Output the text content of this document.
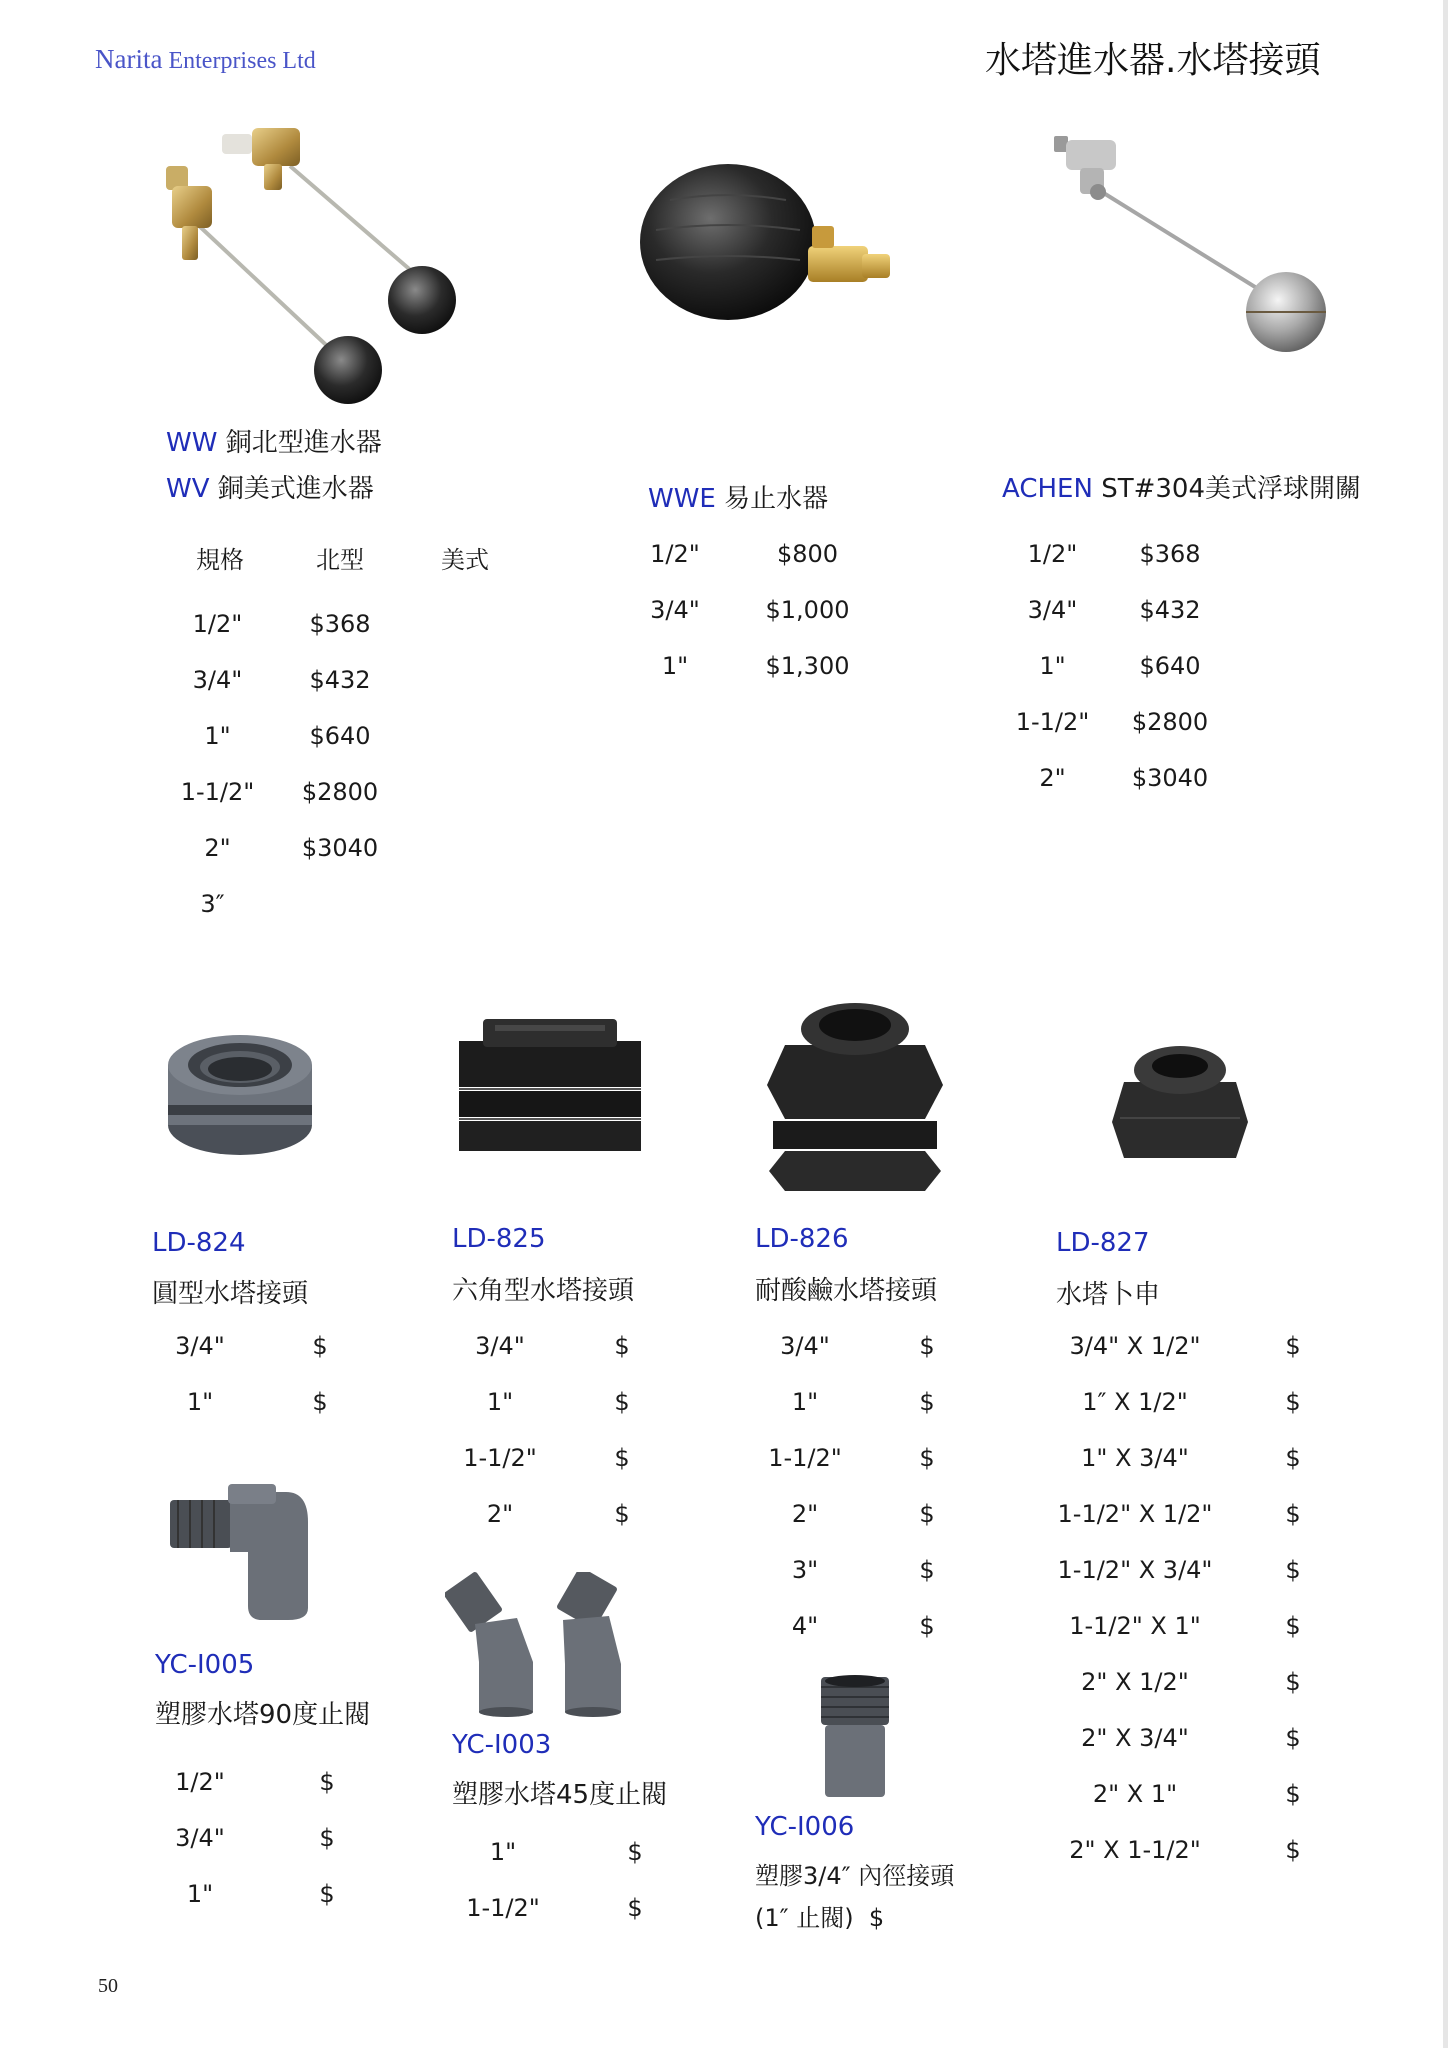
Narita Enterprises Ltd	水塔進水器.水塔接頭
WW 銅北型進水器
WV 銅美式進水器
規格	北型	美式
1/2"	$368
3/4"	$432
1"	$640
1-1/2"	$2800
2"	$3040
3″
WWE 易止水器
1/2"	$800
3/4"	$1,000
1"	$1,300
ACHEN ST#304美式浮球開關
1/2"	$368
3/4"	$432
1"	$640
1-1/2"	$2800
2"	$3040
LD-824
圓型水塔接頭
3/4"	$
1"	$
LD-825
六角型水塔接頭
3/4"	$
1"	$
1-1/2"	$
2"	$
LD-826
耐酸鹼水塔接頭
3/4"	$
1"	$
1-1/2"	$
2"	$
3"	$
4"	$
LD-827
水塔卜申
3/4" X 1/2"	$
1″ X 1/2"	$
1" X 3/4"	$
1-1/2" X 1/2"	$
1-1/2" X 3/4"	$
1-1/2" X 1"	$
2" X 1/2"	$
2" X 3/4"	$
2" X 1"	$
2" X 1-1/2"	$
YC-I005
塑膠水塔90度止閥
1/2"	$
3/4"	$
1"	$
YC-I003
塑膠水塔45度止閥
1"	$
1-1/2"	$
YC-I006
塑膠3/4″ 內徑接頭
(1″ 止閥)  $
50
